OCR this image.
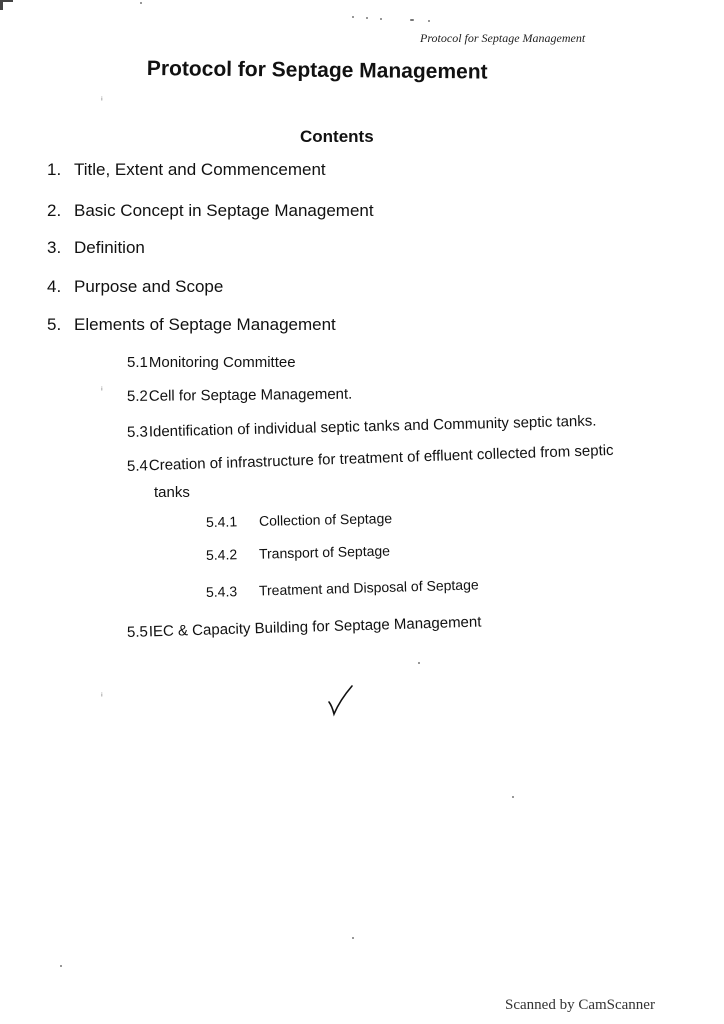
Protocol for Septage Management
Protocol for Septage Management
ⁱ
Contents
1. Title, Extent and Commencement
2. Basic Concept in Septage Management
3. Definition
4. Purpose and Scope
5. Elements of Septage Management
5.1Monitoring Committee
ⁱ 5.2Cell for Septage Management.
5.3Identification of individual septic tanks and Community septic tanks.
5.4Creation of infrastructure for treatment of effluent collected from septic
tanks
5.4.1 Collection of Septage
5.4.2 Transport of Septage
5.4.3 Treatment and Disposal of Septage
5.5IEC & Capacity Building for Septage Management
ⁱ
Scanned by CamScanner
